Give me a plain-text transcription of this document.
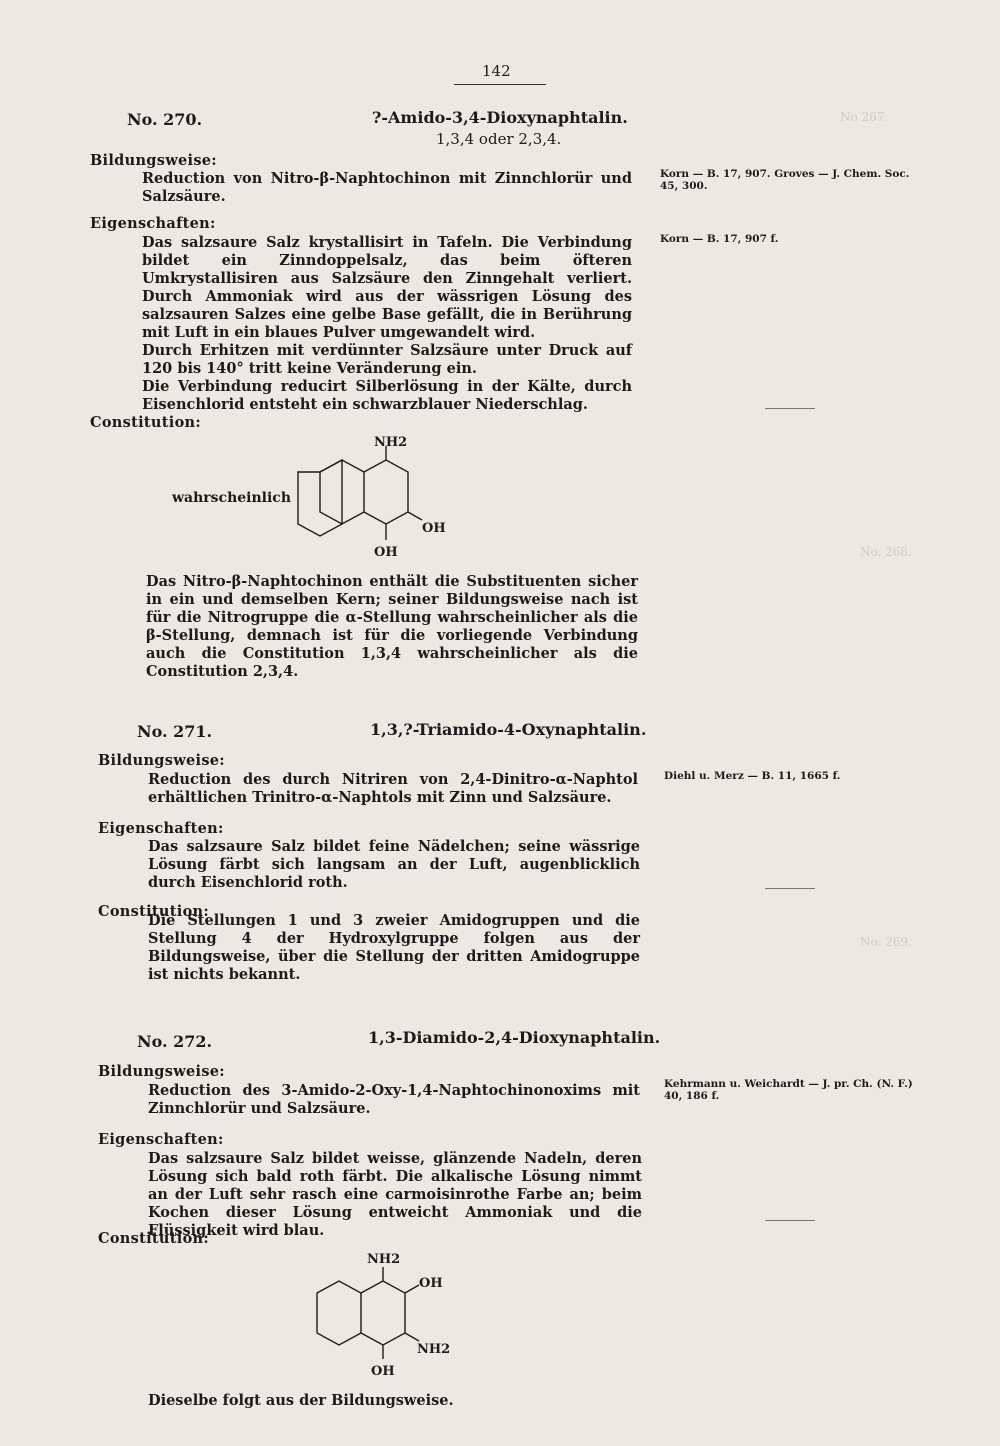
No 267.
No. 268.
No. 269.
142
No. 270.	?-Amido-3,4-Dioxynaphtalin.
1,3,4 oder 2,3,4.
Bildungsweise:

Reduction von Nitro-β-Naphtochinon mit Zinnchlorür und Salzsäure.

Eigenschaften:

Das salzsaure Salz krystallisirt in Tafeln. Die Verbindung bildet ein Zinndoppelsalz, das beim öfteren Umkrystallisiren aus Salzsäure den Zinngehalt verliert. Durch Ammoniak wird aus der wässrigen Lösung des salzsauren Salzes eine gelbe Base gefällt, die in Berührung mit Luft in ein blaues Pulver umgewandelt wird.

Durch Erhitzen mit verdünnter Salzsäure unter Druck auf 120 bis 140° tritt keine Veränderung ein.

Die Verbindung reducirt Silberlösung in der Kälte, durch Eisenchlorid entsteht ein schwarzblauer Niederschlag.

Constitution:
wahrscheinlich
NH2
OH
OH

Das Nitro-β-Naphtochinon enthält die Substituenten sicher in ein und demselben Kern; seiner Bildungsweise nach ist für die Nitrogruppe die α-Stellung wahrscheinlicher als die β-Stellung, demnach ist für die vorliegende Verbindung auch die Constitution 1,3,4 wahrscheinlicher als die Constitution 2,3,4.

Korn — B. 17, 907. Groves — J. Chem. Soc. 45, 300.
Korn — B. 17, 907 f.
No. 271.	1,3,?-Triamido-4-Oxynaphtalin.
Bildungsweise:

Reduction des durch Nitriren von 2,4-Dinitro-α-Naphtol erhältlichen Trinitro-α-Naphtols mit Zinn und Salzsäure.

Eigenschaften:

Das salzsaure Salz bildet feine Nädelchen; seine wässrige Lösung färbt sich langsam an der Luft, augenblicklich durch Eisenchlorid roth.

Constitution:

Die Stellungen 1 und 3 zweier Amidogruppen und die Stellung 4 der Hydroxylgruppe folgen aus der Bildungsweise, über die Stellung der dritten Amidogruppe ist nichts bekannt.

Diehl u. Merz — B. 11, 1665 f.
No. 272.	1,3-Diamido-2,4-Dioxynaphtalin.
Bildungsweise:

Reduction des 3-Amido-2-Oxy-1,4-Naphtochinonoxims mit Zinnchlorür und Salzsäure.

Eigenschaften:

Das salzsaure Salz bildet weisse, glänzende Nadeln, deren Lösung sich bald roth färbt. Die alkalische Lösung nimmt an der Luft sehr rasch eine carmoisinrothe Farbe an; beim Kochen dieser Lösung entweicht Ammoniak und die Flüssigkeit wird blau.

Constitution:
NH2
OH
NH2
OH

Dieselbe folgt aus der Bildungsweise.

Kehrmann u. Weichardt — J. pr. Ch. (N. F.) 40, 186 f.
